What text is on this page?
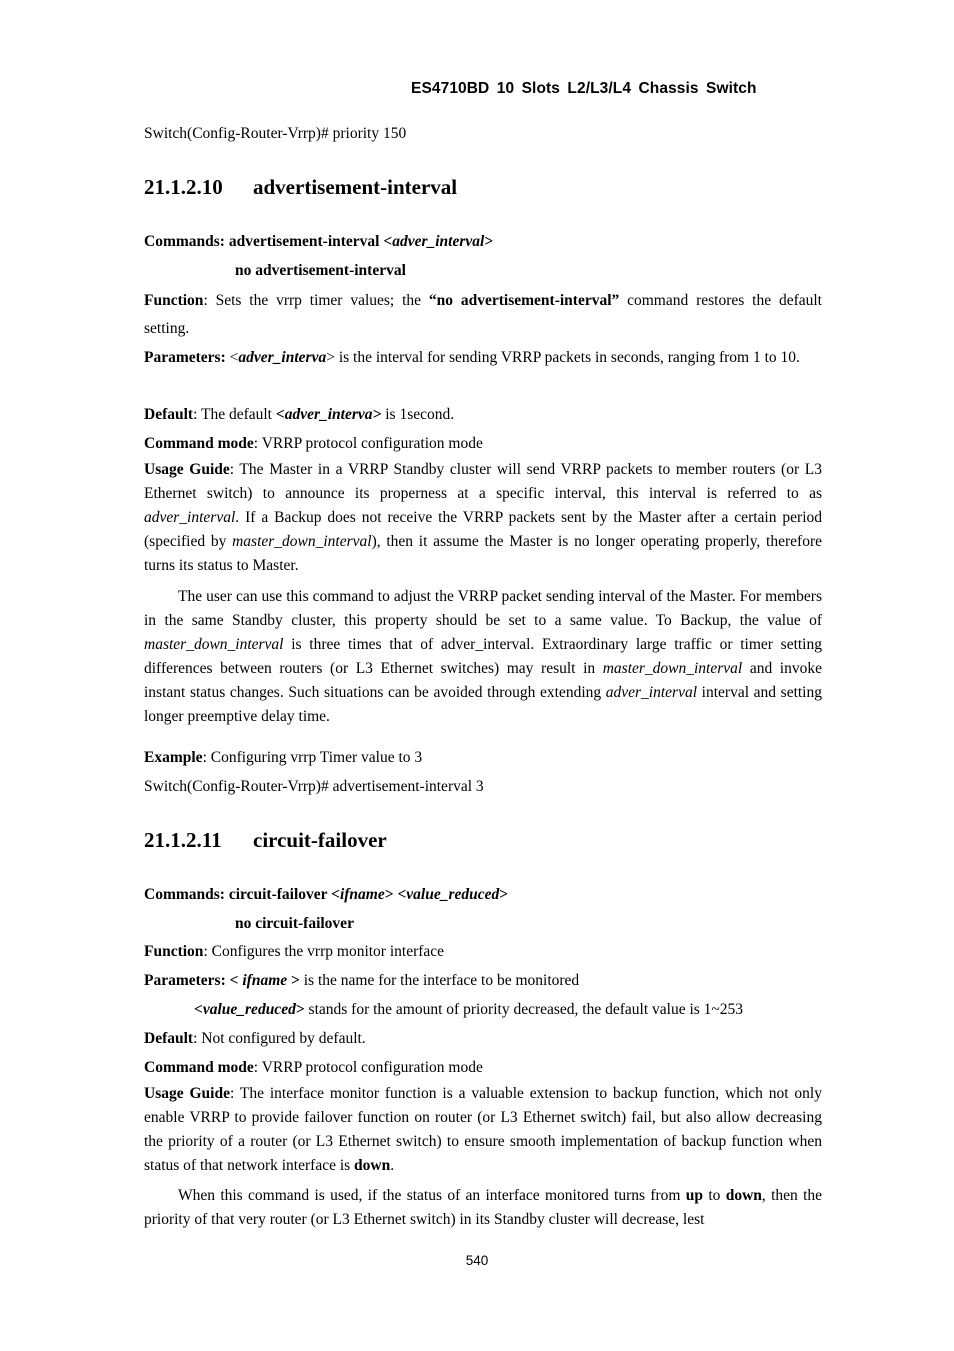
ES4710BD 10 Slots L2/L3/L4 Chassis Switch
Switch(Config-Router-Vrrp)# priority 150
21.1.2.10 advertisement-interval
Commands: advertisement-interval <adver_interval>
no advertisement-interval
Function: Sets the vrrp timer values; the “no advertisement-interval” command restores the default setting.
Parameters: <adver_interva> is the interval for sending VRRP packets in seconds, ranging from 1 to 10.
Default: The default <adver_interva> is 1second.
Command mode: VRRP protocol configuration mode
Usage Guide: The Master in a VRRP Standby cluster will send VRRP packets to member routers (or L3 Ethernet switch) to announce its properness at a specific interval, this interval is referred to as adver_interval. If a Backup does not receive the VRRP packets sent by the Master after a certain period (specified by master_down_interval), then it assume the Master is no longer operating properly, therefore turns its status to Master.
The user can use this command to adjust the VRRP packet sending interval of the Master. For members in the same Standby cluster, this property should be set to a same value. To Backup, the value of master_down_interval is three times that of adver_interval. Extraordinary large traffic or timer setting differences between routers (or L3 Ethernet switches) may result in master_down_interval and invoke instant status changes. Such situations can be avoided through extending adver_interval interval and setting longer preemptive delay time.
Example: Configuring vrrp Timer value to 3
Switch(Config-Router-Vrrp)# advertisement-interval 3
21.1.2.11 circuit-failover
Commands: circuit-failover <ifname> <value_reduced>
no circuit-failover
Function: Configures the vrrp monitor interface
Parameters: < ifname > is the name for the interface to be monitored
<value_reduced> stands for the amount of priority decreased, the default value is 1~253
Default: Not configured by default.
Command mode: VRRP protocol configuration mode
Usage Guide: The interface monitor function is a valuable extension to backup function, which not only enable VRRP to provide failover function on router (or L3 Ethernet switch) fail, but also allow decreasing the priority of a router (or L3 Ethernet switch) to ensure smooth implementation of backup function when status of that network interface is down.
When this command is used, if the status of an interface monitored turns from up to down, then the priority of that very router (or L3 Ethernet switch) in its Standby cluster will decrease, lest
540
